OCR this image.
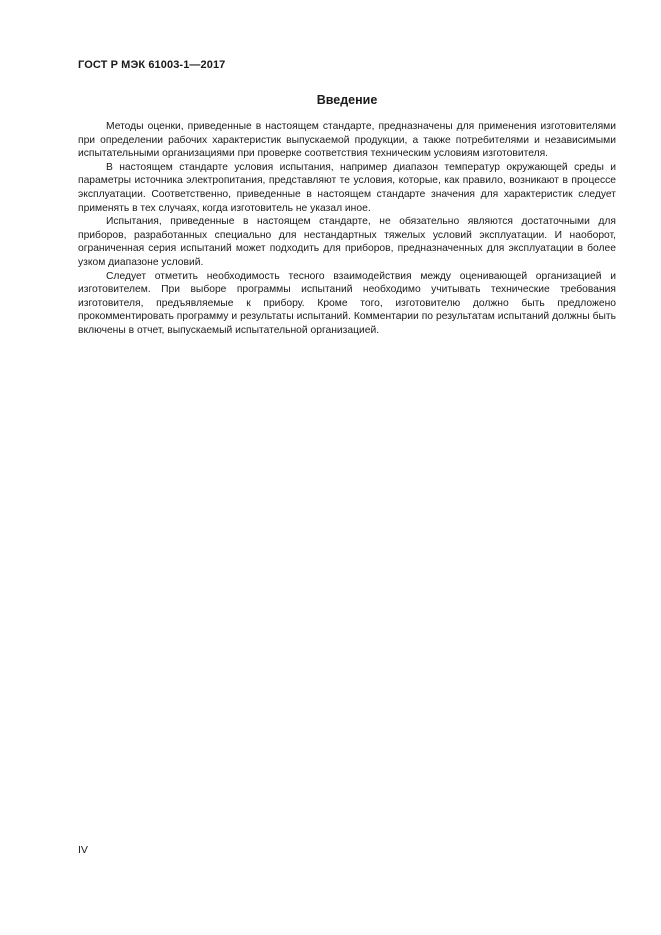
ГОСТ Р МЭК 61003-1—2017
Введение

Методы оценки, приведенные в настоящем стандарте, предназначены для применения изготовителями при определении рабочих характеристик выпускаемой продукции, а также потребителями и независимыми испытательными организациями при проверке соответствия техническим условиям изготовителя.

В настоящем стандарте условия испытания, например диапазон температур окружающей среды и параметры источника электропитания, представляют те условия, которые, как правило, возникают в процессе эксплуатации. Соответственно, приведенные в настоящем стандарте значения для характеристик следует применять в тех случаях, когда изготовитель не указал иное.

Испытания, приведенные в настоящем стандарте, не обязательно являются достаточными для приборов, разработанных специально для нестандартных тяжелых условий эксплуатации. И наоборот, ограниченная серия испытаний может подходить для приборов, предназначенных для эксплуатации в более узком диапазоне условий.

Следует отметить необходимость тесного взаимодействия между оценивающей организацией и изготовителем. При выборе программы испытаний необходимо учитывать технические требования изготовителя, предъявляемые к прибору. Кроме того, изготовителю должно быть предложено прокомментировать программу и результаты испытаний. Комментарии по результатам испытаний должны быть включены в отчет, выпускаемый испытательной организацией.

IV
